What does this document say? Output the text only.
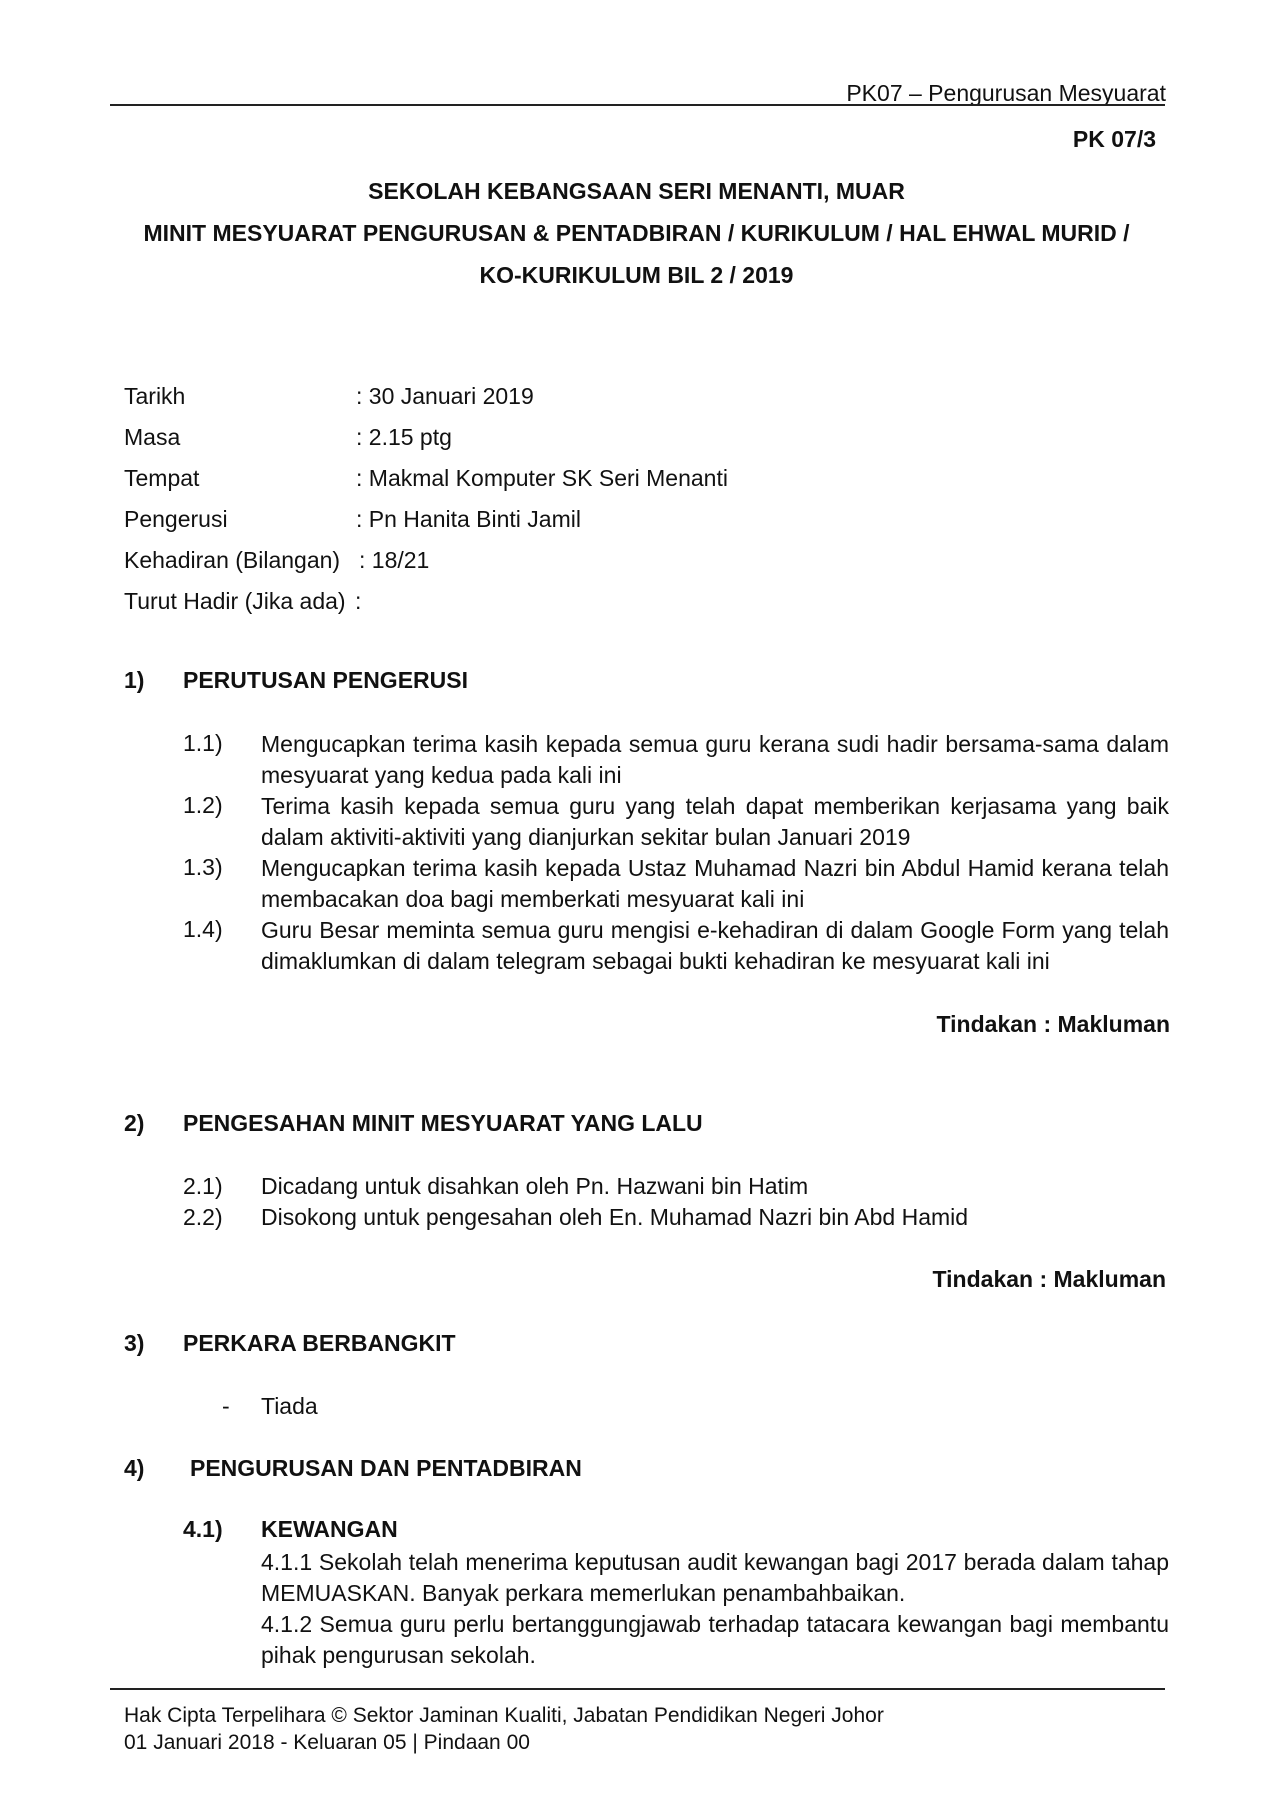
PK07 – Pengurusan Mesyuarat
PK 07/3
SEKOLAH KEBANGSAAN SERI MENANTI, MUAR
MINIT MESYUARAT PENGURUSAN & PENTADBIRAN / KURIKULUM / HAL EHWAL MURID /
KO-KURIKULUM BIL 2 / 2019
Tarikh	: 30 Januari 2019
Masa	: 2.15 ptg
Tempat	: Makmal Komputer SK Seri Menanti
Pengerusi	: Pn Hanita Binti Jamil
Kehadiran (Bilangan) : 18/21
Turut Hadir (Jika ada) :
1) PERUTUSAN PENGERUSI
1.1) Mengucapkan terima kasih kepada semua guru kerana sudi hadir bersama-sama dalam mesyuarat yang kedua pada kali ini
1.2) Terima kasih kepada semua guru yang telah dapat memberikan kerjasama yang baik dalam aktiviti-aktiviti yang dianjurkan sekitar bulan Januari 2019
1.3) Mengucapkan terima kasih kepada Ustaz Muhamad Nazri bin Abdul Hamid kerana telah membacakan doa bagi memberkati mesyuarat kali ini
1.4) Guru Besar meminta semua guru mengisi e-kehadiran di dalam Google Form yang telah dimaklumkan di dalam telegram sebagai bukti kehadiran ke mesyuarat kali ini
Tindakan : Makluman
2) PENGESAHAN MINIT MESYUARAT YANG LALU
2.1) Dicadang untuk disahkan oleh Pn. Hazwani bin Hatim
2.2) Disokong untuk pengesahan oleh En. Muhamad Nazri bin Abd Hamid
Tindakan : Makluman
3) PERKARA BERBANGKIT
- Tiada
4) PENGURUSAN DAN PENTADBIRAN
4.1) KEWANGAN
4.1.1 Sekolah telah menerima keputusan audit kewangan bagi 2017 berada dalam tahap MEMUASKAN. Banyak perkara memerlukan penambahbaikan.
4.1.2 Semua guru perlu bertanggungjawab terhadap tatacara kewangan bagi membantu pihak pengurusan sekolah.
Hak Cipta Terpelihara © Sektor Jaminan Kualiti, Jabatan Pendidikan Negeri Johor
01 Januari 2018 - Keluaran 05 | Pindaan 00
